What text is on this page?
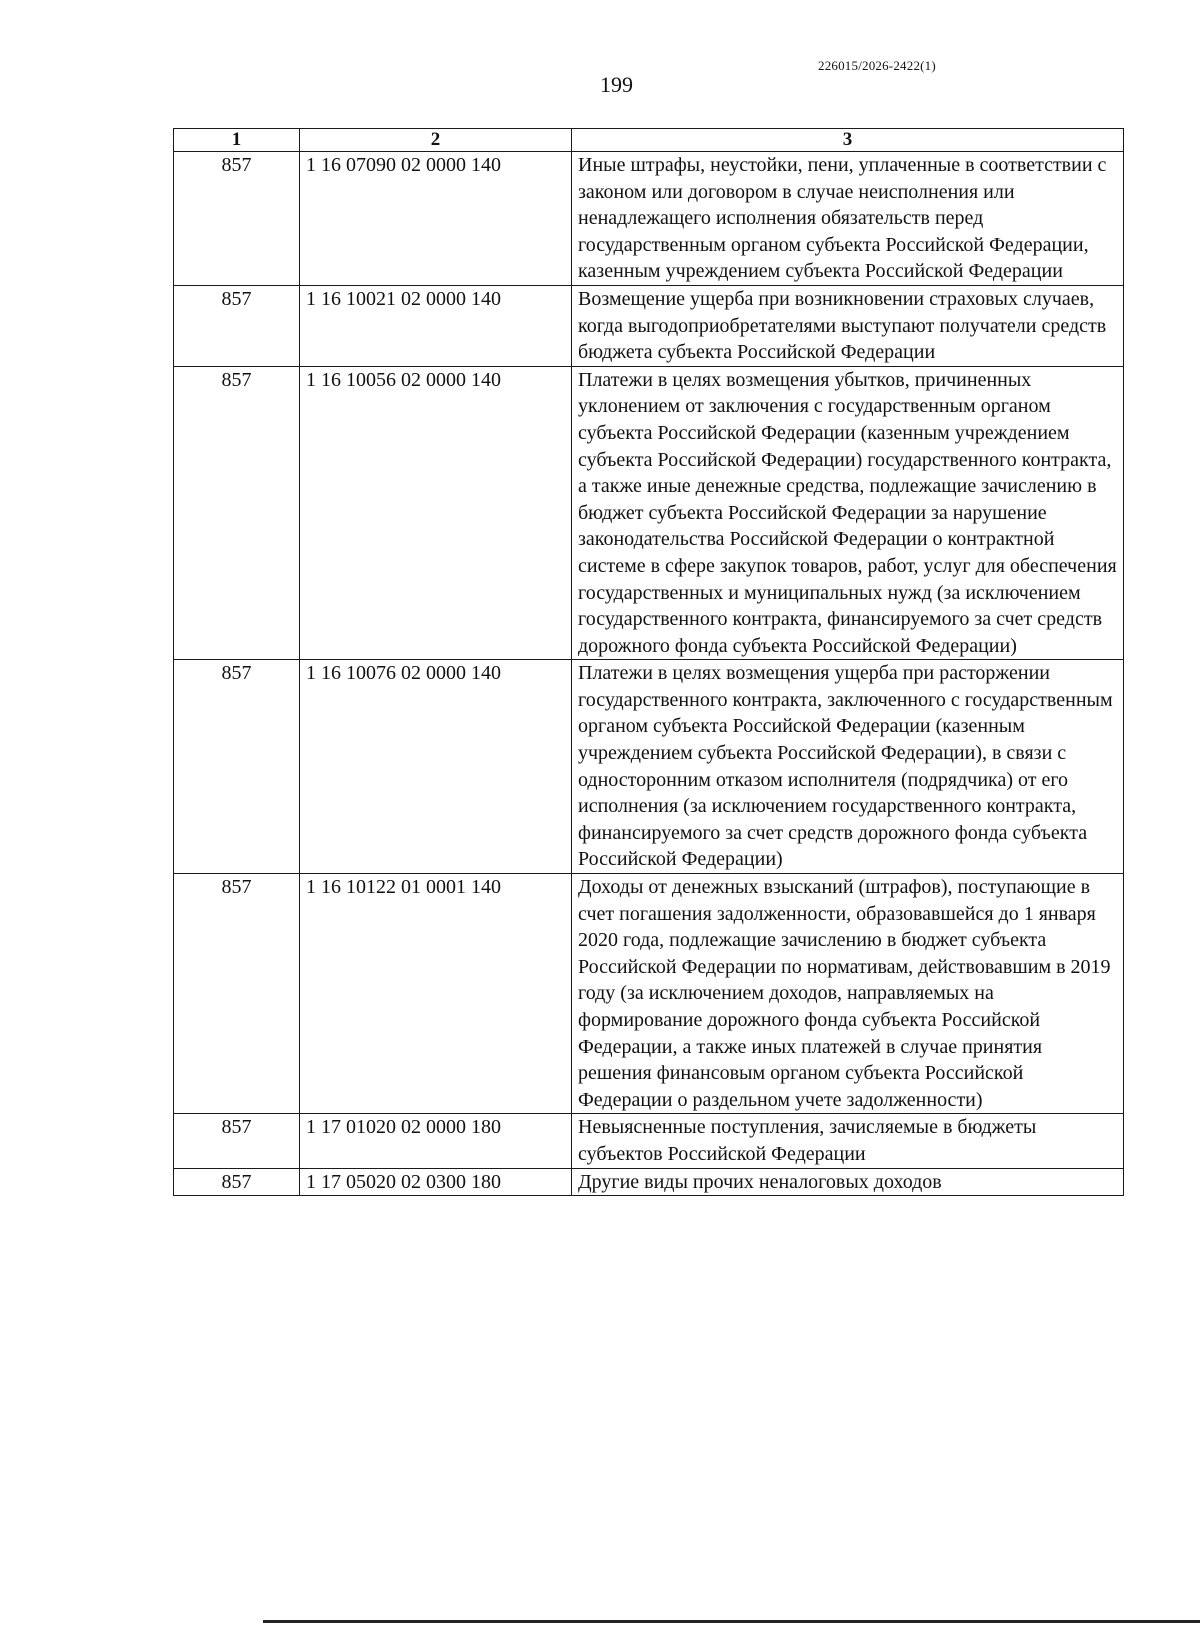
199
226015/2026-2422(1)
1	2	3
857	1 16 07090 02 0000 140	Иные штрафы, неустойки, пени, уплаченные в соответствии с законом или договором в случае неисполнения или ненадлежащего исполнения обязательств перед государственным органом субъекта Российской Федерации, казенным учреждением субъекта Российской Федерации
857	1 16 10021 02 0000 140	Возмещение ущерба при возникновении страховых случаев, когда выгодоприобретателями выступают получатели средств бюджета субъекта Российской Федерации
857	1 16 10056 02 0000 140	Платежи в целях возмещения убытков, причиненных уклонением от заключения с государственным органом субъекта Российской Федерации (казенным учреждением субъекта Российской Федерации) государственного контракта, а также иные денежные средства, подлежащие зачислению в бюджет субъекта Российской Федерации за нарушение законодательства Российской Федерации о контрактной системе в сфере закупок товаров, работ, услуг для обеспечения государственных и муниципальных нужд (за исключением государственного контракта, финансируемого за счет средств дорожного фонда субъекта Российской Федерации)
857	1 16 10076 02 0000 140	Платежи в целях возмещения ущерба при расторжении государственного контракта, заключенного с государственным органом субъекта Российской Федерации (казенным учреждением субъекта Российской Федерации), в связи с односторонним отказом исполнителя (подрядчика) от его исполнения (за исключением государственного контракта, финансируемого за счет средств дорожного фонда субъекта Российской Федерации)
857	1 16 10122 01 0001 140	Доходы от денежных взысканий (штрафов), поступающие в счет погашения задолженности, образовавшейся до 1 января 2020 года, подлежащие зачислению в бюджет субъекта Российской Федерации по нормативам, действовавшим в 2019 году (за исключением доходов, направляемых на формирование дорожного фонда субъекта Российской Федерации, а также иных платежей в случае принятия решения финансовым органом субъекта Российской Федерации о раздельном учете задолженности)
857	1 17 01020 02 0000 180	Невыясненные поступления, зачисляемые в бюджеты субъектов Российской Федерации
857	1 17 05020 02 0300 180	Другие виды прочих неналоговых доходов
